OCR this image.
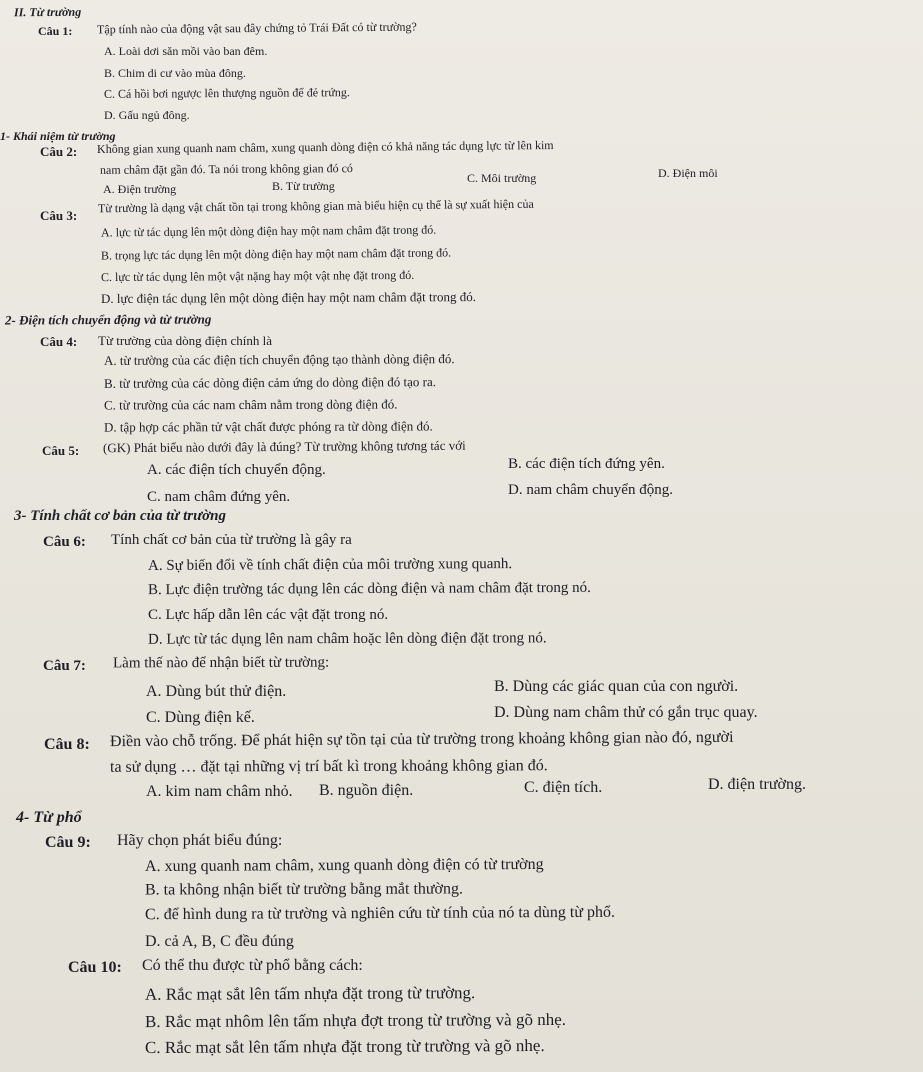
II. Từ trường
Câu 1: Tập tính nào của động vật sau đây chứng tỏ Trái Đất có từ trường?
A. Loài dơi săn mồi vào ban đêm.
B. Chim di cư vào mùa đông.
C. Cá hồi bơi ngược lên thượng nguồn để đẻ trứng.
D. Gấu ngủ đông.
1- Khái niệm từ trường
Câu 2: Không gian xung quanh nam châm, xung quanh dòng điện có khả năng tác dụng lực từ lên kim
nam châm đặt gần đó. Ta nói trong không gian đó có
A. Điện trường	B. Từ trường
C. Môi trường	D. Điện môi
Câu 3:
Từ trường là dạng vật chất tồn tại trong không gian mà biểu hiện cụ thể là sự xuất hiện của
A. lực từ tác dụng lên một dòng điện hay một nam châm đặt trong đó.
B. trọng lực tác dụng lên một dòng điện hay một nam châm đặt trong đó.
C. lực từ tác dụng lên một vật nặng hay một vật nhẹ đặt trong đó.
D. lực điện tác dụng lên một dòng điện hay một nam châm đặt trong đó.
2- Điện tích chuyển động và từ trường
Câu 4: Từ trường của dòng điện chính là
A. từ trường của các điện tích chuyển động tạo thành dòng điện đó.
B. từ trường của các dòng điện cảm ứng do dòng điện đó tạo ra.
C. từ trường của các nam châm nằm trong dòng điện đó.
D. tập hợp các phần tử vật chất được phóng ra từ dòng điện đó.
Câu 5: (GK) Phát biểu nào dưới đây là đúng? Từ trường không tương tác với
A. các điện tích chuyển động.	B. các điện tích đứng yên.
C. nam châm đứng yên.	D. nam châm chuyển động.
3- Tính chất cơ bản của từ trường
Câu 6: Tính chất cơ bản của từ trường là gây ra
A. Sự biến đổi về tính chất điện của môi trường xung quanh.
B. Lực điện trường tác dụng lên các dòng điện và nam châm đặt trong nó.
C. Lực hấp dẫn lên các vật đặt trong nó.
D. Lực từ tác dụng lên nam châm hoặc lên dòng điện đặt trong nó.
Câu 7: Làm thế nào để nhận biết từ trường:
A. Dùng bút thử điện.	B. Dùng các giác quan của con người.
C. Dùng điện kế.	D. Dùng nam châm thử có gắn trục quay.
Câu 8: Điền vào chỗ trống. Để phát hiện sự tồn tại của từ trường trong khoảng không gian nào đó, người
ta sử dụng … đặt tại những vị trí bất kì trong khoảng không gian đó.
A. kim nam châm nhỏ. B. nguồn điện.	C. điện tích.	D. điện trường.
4- Từ phổ
Câu 9: Hãy chọn phát biểu đúng:
A. xung quanh nam châm, xung quanh dòng điện có từ trường
B. ta không nhận biết từ trường bằng mắt thường.
C. để hình dung ra từ trường và nghiên cứu từ tính của nó ta dùng từ phổ.
D. cả A, B, C đều đúng
Câu 10: Có thể thu được từ phổ bằng cách:
A. Rắc mạt sắt lên tấm nhựa đặt trong từ trường.
B. Rắc mạt nhôm lên tấm nhựa đợt trong từ trường và gõ nhẹ.
C. Rắc mạt sắt lên tấm nhựa đặt trong từ trường và gõ nhẹ.
